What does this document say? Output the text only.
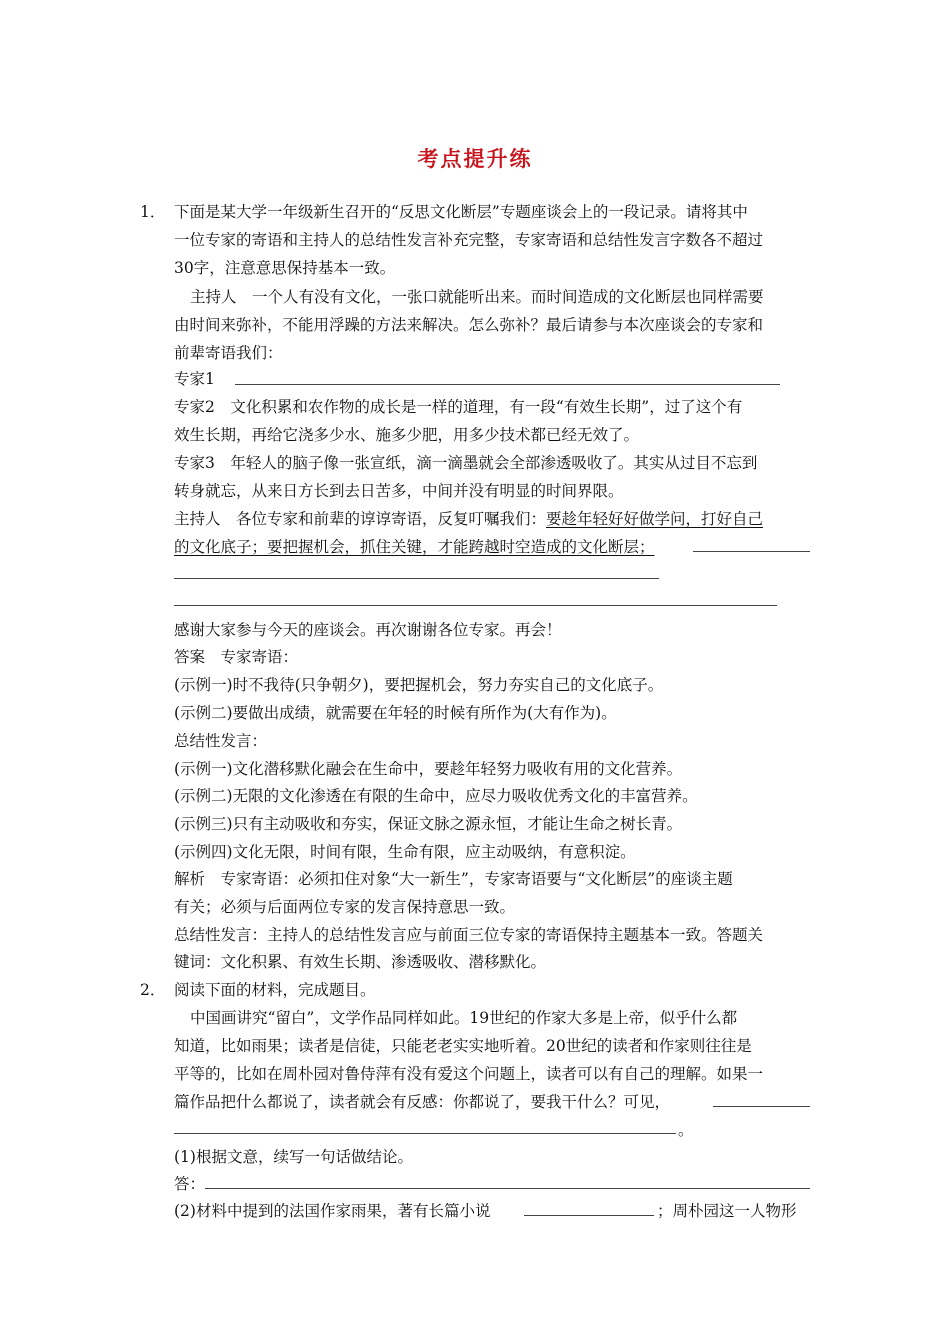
考点提升练
1． 下面是某大学一年级新生召开的“反思文化断层”专题座谈会上的一段记录。请将其中
一位专家的寄语和主持人的总结性发言补充完整，专家寄语和总结性发言字数各不超过
30字，注意意思保持基本一致。
主持人　一个人有没有文化，一张口就能听出来。而时间造成的文化断层也同样需要
由时间来弥补，不能用浮躁的方法来解决。怎么弥补？最后请参与本次座谈会的专家和
前辈寄语我们：
专家1
专家2　文化积累和农作物的成长是一样的道理，有一段“有效生长期”，过了这个有
效生长期，再给它浇多少水、施多少肥，用多少技术都已经无效了。
专家3　年轻人的脑子像一张宣纸，滴一滴墨就会全部渗透吸收了。其实从过目不忘到
转身就忘，从来日方长到去日苦多，中间并没有明显的时间界限。
主持人　各位专家和前辈的谆谆寄语，反复叮嘱我们：要趁年轻好好做学问，打好自己
的文化底子；要把握机会，抓住关键，才能跨越时空造成的文化断层；
感谢大家参与今天的座谈会。再次谢谢各位专家。再会！
答案　专家寄语：
(示例一)时不我待(只争朝夕)，要把握机会，努力夯实自己的文化底子。
(示例二)要做出成绩，就需要在年轻的时候有所作为(大有作为)。
总结性发言：
(示例一)文化潜移默化融会在生命中，要趁年轻努力吸收有用的文化营养。
(示例二)无限的文化渗透在有限的生命中，应尽力吸收优秀文化的丰富营养。
(示例三)只有主动吸收和夯实，保证文脉之源永恒，才能让生命之树长青。
(示例四)文化无限，时间有限，生命有限，应主动吸纳，有意积淀。
解析　专家寄语：必须扣住对象“大一新生”，专家寄语要与“文化断层”的座谈主题
有关；必须与后面两位专家的发言保持意思一致。
总结性发言：主持人的总结性发言应与前面三位专家的寄语保持主题基本一致。答题关
键词：文化积累、有效生长期、渗透吸收、潜移默化。
2． 阅读下面的材料，完成题目。
中国画讲究“留白”，文学作品同样如此。19世纪的作家大多是上帝，似乎什么都
知道，比如雨果；读者是信徒，只能老老实实地听着。20世纪的读者和作家则往往是
平等的，比如在周朴园对鲁侍萍有没有爱这个问题上，读者可以有自己的理解。如果一
篇作品把什么都说了，读者就会有反感：你都说了，要我干什么？可见，
。
(1)根据文意，续写一句话做结论。
答：
(2)材料中提到的法国作家雨果，著有长篇小说	；周朴园这一人物形
